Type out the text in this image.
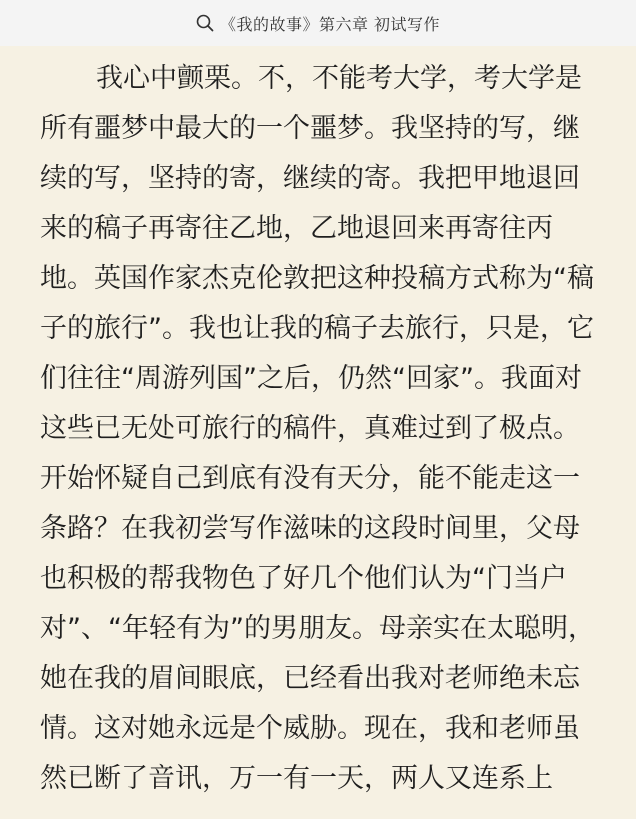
《我的故事》第六章 初试写作
我心中颤栗。不，不能考大学，考大学是
所有噩梦中最大的一个噩梦。我坚持的写，继
续的写，坚持的寄，继续的寄。我把甲地退回
来的稿子再寄往乙地，乙地退回来再寄往丙
地。英国作家杰克伦敦把这种投稿方式称为“稿
子的旅行”。我也让我的稿子去旅行，只是，它
们往往“周游列国”之后，仍然“回家”。我面对
这些已无处可旅行的稿件，真难过到了极点。
开始怀疑自己到底有没有天分，能不能走这一
条路？在我初尝写作滋味的这段时间里，父母
也积极的帮我物色了好几个他们认为“门当户
对”、“年轻有为”的男朋友。母亲实在太聪明，
她在我的眉间眼底，已经看出我对老师绝未忘
情。这对她永远是个威胁。现在，我和老师虽
然已断了音讯，万一有一天，两人又连系上
